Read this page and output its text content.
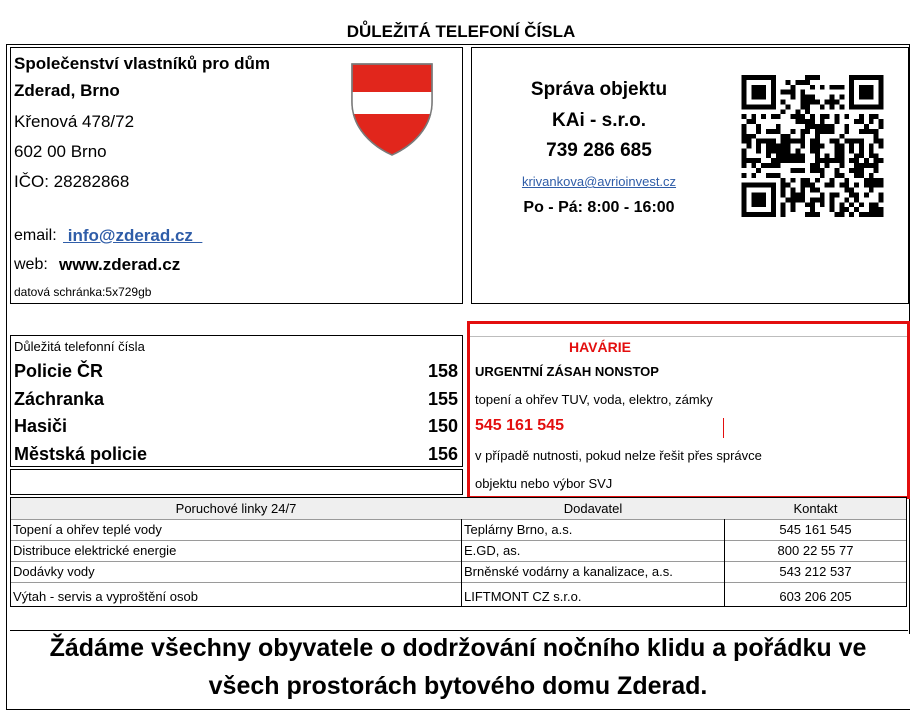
DŮLEŽITÁ TELEFONÍ ČÍSLA
Společenství vlastníků pro dům
Zderad, Brno
Křenová 478/72
602 00 Brno
IČO: 28282868
email: info@zderad.cz
web: www.zderad.cz
datová schránka:5x729gb
Správa objektu
KAi - s.r.o.
739 286 685
krivankova@avrioinvest.cz
Po - Pá: 8:00 - 16:00
Důležitá telefonní čísla
Policie ČR	158
Záchranka	155
Hasiči	150
Městská policie	156
HAVÁRIE
URGENTNÍ ZÁSAH NONSTOP
topení a ohřev TUV, voda, elektro, zámky
545 161 545
v případě nutnosti, pokud nelze řešit přes správce
objektu nebo výbor SVJ
Poruchové linky 24/7	Dodavatel	Kontakt
Topení a ohřev teplé vody	Teplárny Brno, a.s.	545 161 545
Distribuce elektrické energie	E.GD, as.	800 22 55 77
Dodávky vody	Brněnské vodárny a kanalizace, a.s.	543 212 537
Výtah - servis a vyproštění osob	LIFTMONT CZ s.r.o.	603 206 205
Žádáme všechny obyvatele o dodržování nočního klidu a pořádku ve
všech prostorách bytového domu Zderad.
